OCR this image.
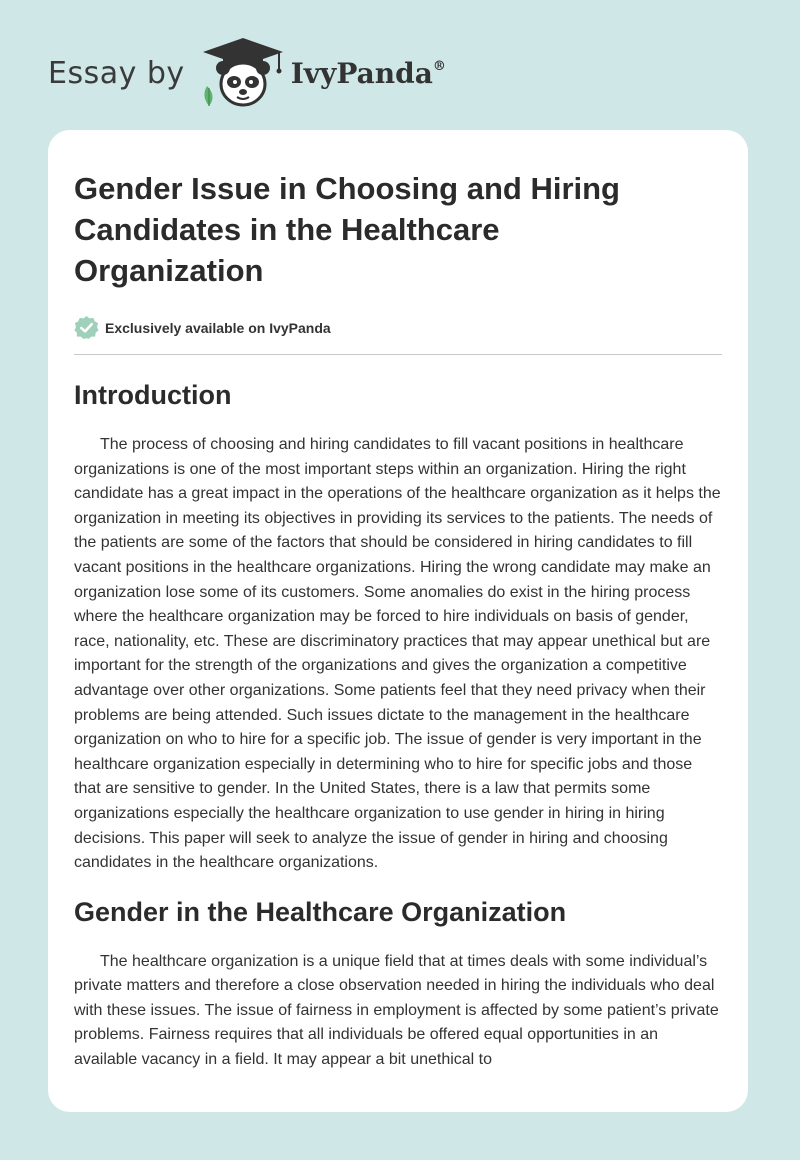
Essay by	IvyPanda®
Gender Issue in Choosing and Hiring Candidates in the Healthcare Organization
Exclusively available on IvyPanda
Introduction

The process of choosing and hiring candidates to fill vacant positions in healthcare organizations is one of the most important steps within an organization. Hiring the right candidate has a great impact in the operations of the healthcare organization as it helps the organization in meeting its objectives in providing its services to the patients. The needs of the patients are some of the factors that should be considered in hiring candidates to fill vacant positions in the healthcare organizations. Hiring the wrong candidate may make an organization lose some of its customers. Some anomalies do exist in the hiring process where the healthcare organization may be forced to hire individuals on basis of gender, race, nationality, etc. These are discriminatory practices that may appear unethical but are important for the strength of the organizations and gives the organization a competitive advantage over other organizations. Some patients feel that they need privacy when their problems are being attended. Such issues dictate to the management in the healthcare organization on who to hire for a specific job. The issue of gender is very important in the healthcare organization especially in determining who to hire for specific jobs and those that are sensitive to gender. In the United States, there is a law that permits some organizations especially the healthcare organization to use gender in hiring in hiring decisions. This paper will seek to analyze the issue of gender in hiring and choosing candidates in the healthcare organizations.

Gender in the Healthcare Organization

The healthcare organization is a unique field that at times deals with some individual’s private matters and therefore a close observation needed in hiring the individuals who deal with these issues. The issue of fairness in employment is affected by some patient’s private problems. Fairness requires that all individuals be offered equal opportunities in an available vacancy in a field. It may appear a bit unethical to
